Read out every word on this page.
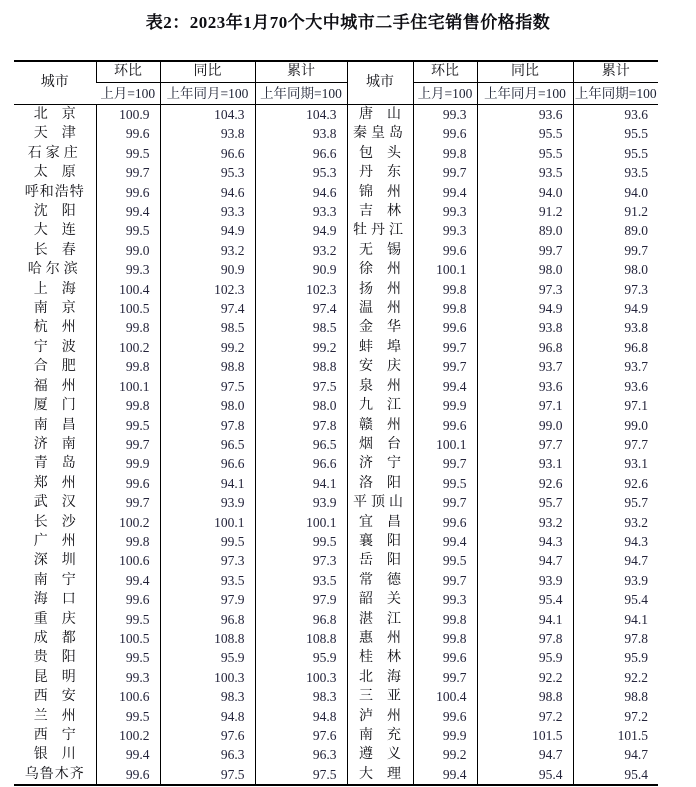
表2：2023年1月70个大中城市二手住宅销售价格指数
城市	环比	同比	累计	城市	环比	同比	累计
	上月=100	上年同月=100	上年同期=100		上月=100	上年同月=100	上年同期=100
北　京	100.9	104.3	104.3	唐　山	99.3	93.6	93.6
天　津	99.6	93.8	93.8	秦皇岛	99.6	95.5	95.5
石家庄	99.5	96.6	96.6	包　头	99.8	95.5	95.5
太　原	99.7	95.3	95.3	丹　东	99.7	93.5	93.5
呼和浩特	99.6	94.6	94.6	锦　州	99.4	94.0	94.0
沈　阳	99.4	93.3	93.3	吉　林	99.3	91.2	91.2
大　连	99.5	94.9	94.9	牡丹江	99.3	89.0	89.0
长　春	99.0	93.2	93.2	无　锡	99.6	99.7	99.7
哈尔滨	99.3	90.9	90.9	徐　州	100.1	98.0	98.0
上　海	100.4	102.3	102.3	扬　州	99.8	97.3	97.3
南　京	100.5	97.4	97.4	温　州	99.8	94.9	94.9
杭　州	99.8	98.5	98.5	金　华	99.6	93.8	93.8
宁　波	100.2	99.2	99.2	蚌　埠	99.7	96.8	96.8
合　肥	99.8	98.8	98.8	安　庆	99.7	93.7	93.7
福　州	100.1	97.5	97.5	泉　州	99.4	93.6	93.6
厦　门	99.8	98.0	98.0	九　江	99.9	97.1	97.1
南　昌	99.5	97.8	97.8	赣　州	99.6	99.0	99.0
济　南	99.7	96.5	96.5	烟　台	100.1	97.7	97.7
青　岛	99.9	96.6	96.6	济　宁	99.7	93.1	93.1
郑　州	99.6	94.1	94.1	洛　阳	99.5	92.6	92.6
武　汉	99.7	93.9	93.9	平顶山	99.7	95.7	95.7
长　沙	100.2	100.1	100.1	宜　昌	99.6	93.2	93.2
广　州	99.8	99.5	99.5	襄　阳	99.4	94.3	94.3
深　圳	100.6	97.3	97.3	岳　阳	99.5	94.7	94.7
南　宁	99.4	93.5	93.5	常　德	99.7	93.9	93.9
海　口	99.6	97.9	97.9	韶　关	99.3	95.4	95.4
重　庆	99.5	96.8	96.8	湛　江	99.8	94.1	94.1
成　都	100.5	108.8	108.8	惠　州	99.8	97.8	97.8
贵　阳	99.5	95.9	95.9	桂　林	99.6	95.9	95.9
昆　明	99.3	100.3	100.3	北　海	99.7	92.2	92.2
西　安	100.6	98.3	98.3	三　亚	100.4	98.8	98.8
兰　州	99.5	94.8	94.8	泸　州	99.6	97.2	97.2
西　宁	100.2	97.6	97.6	南　充	99.9	101.5	101.5
银　川	99.4	96.3	96.3	遵　义	99.2	94.7	94.7
乌鲁木齐	99.6	97.5	97.5	大　理	99.4	95.4	95.4
